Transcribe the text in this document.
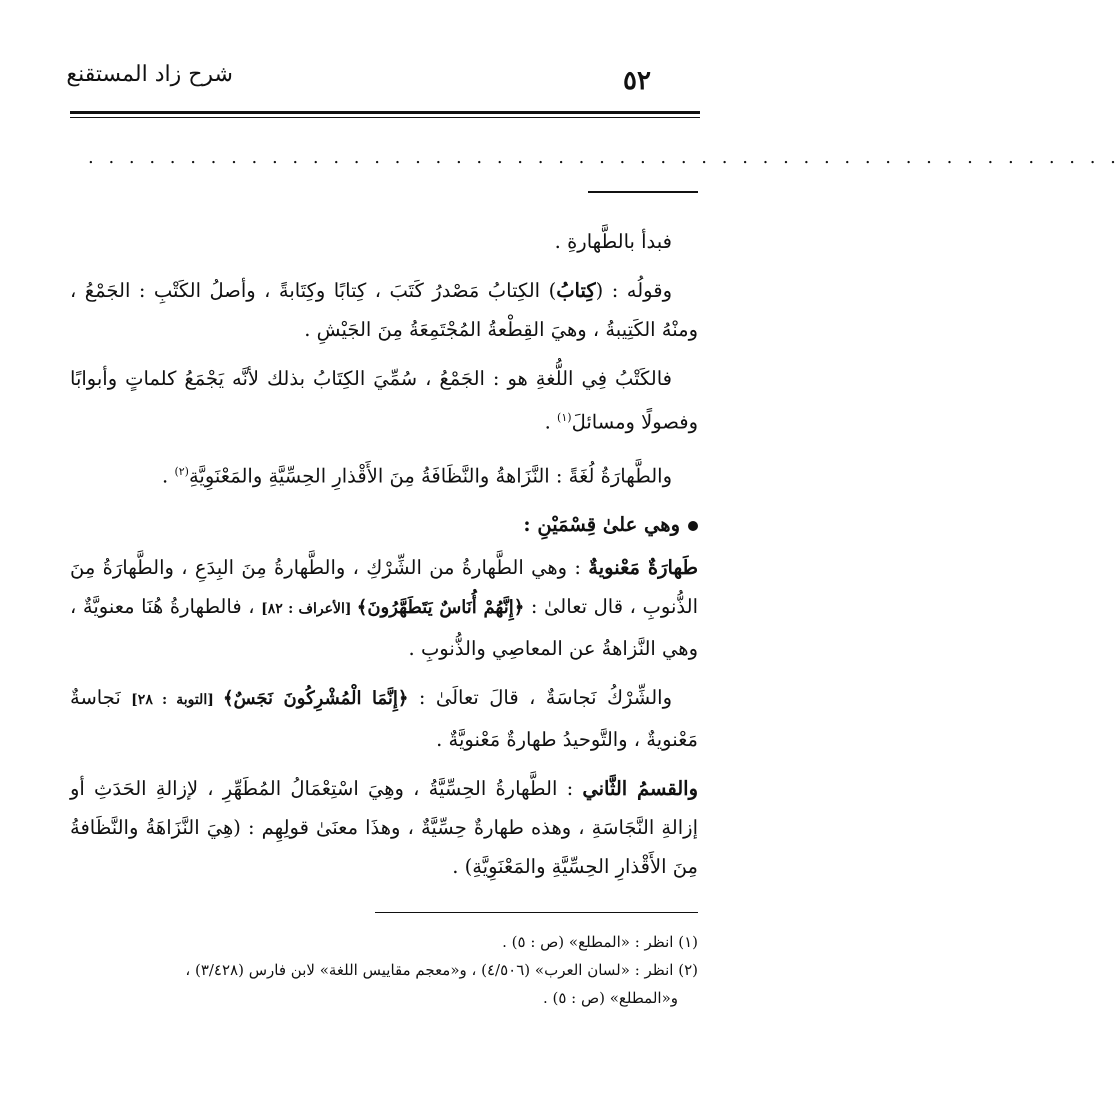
شرح زاد المستقنع	٥٢
. . . . . . . . . . . . . . . . . . . . . . . . . . . . . . . . . . . . . . . . . . . . . . . . . . .

فبدأ بالطَّهارةِ .

وقولُه : (كِتابُ) الكِتابُ مَصْدرُ كَتَبَ ، كِتابًا وكِتَابةً ، وأصلُ الكَتْبِ : الجَمْعُ ، ومنْهُ الكَتِيبةُ ، وهيَ القِطْعةُ المُجْتَمِعَةُ مِنَ الجَيْشِ .

فالكَتْبُ فِي اللُّغةِ هو : الجَمْعُ ، سُمِّيَ الكِتَابُ بذلك لأنَّه يَجْمَعُ كلماتٍ وأبوابًا وفصولًا ومسائلَ$^{(١)}$ .

والطَّهارَةُ لُغَةً : النَّزَاهةُ والنَّظَافَةُ مِنَ الأَقْذارِ الحِسِّيَّةِ والمَعْنَوِيَّةِ$^{(٢)}$ .

وهي علىٰ قِسْمَيْنِ :

طَهارَةٌ مَعْنويةٌ : وهي الطَّهارةُ من الشِّرْكِ ، والطَّهارةُ مِنَ البِدَعِ ، والطَّهارَةُ مِنَ الذُّنوبِ ، قال تعالىٰ : ﴿إِنَّهُمْ أُنَاسٌ يَتَطَهَّرُونَ﴾ [الأعراف : ٨٢] ، فالطهارةُ هُنَا معنويَّةٌ ، وهي النَّزاهةُ عن المعاصِي والذُّنوبِ .

والشِّرْكُ نَجاسَةٌ ، قالَ تعالَىٰ : ﴿إِنَّمَا الْمُشْرِكُونَ نَجَسٌ﴾ [التوبة : ٢٨] نَجاسةٌ مَعْنويةٌ ، والتَّوحيدُ طهارةٌ مَعْنويَّةٌ .

والقسمُ الثَّاني : الطَّهارةُ الحِسِّيَّةُ ، وهِيَ اسْتِعْمَالُ المُطَهِّرِ ، لإزالةِ الحَدَثِ أو إزالةِ النَّجَاسَةِ ، وهذه طهارةٌ حِسِّيَّةٌ ، وهذَا معنَىٰ قولِهِم : (هِيَ النَّزَاهَةُ والنَّظَافةُ مِنَ الأَقْذارِ الحِسِّيَّةِ والمَعْنَوِيَّةِ) .

(١) انظر : «المطلع» (ص : ٥) .

(٢) انظر : «لسان العرب» (٤/٥٠٦) ، و«معجم مقاييس اللغة» لابن فارس (٣/٤٢٨) ،

و«المطلع» (ص : ٥) .
